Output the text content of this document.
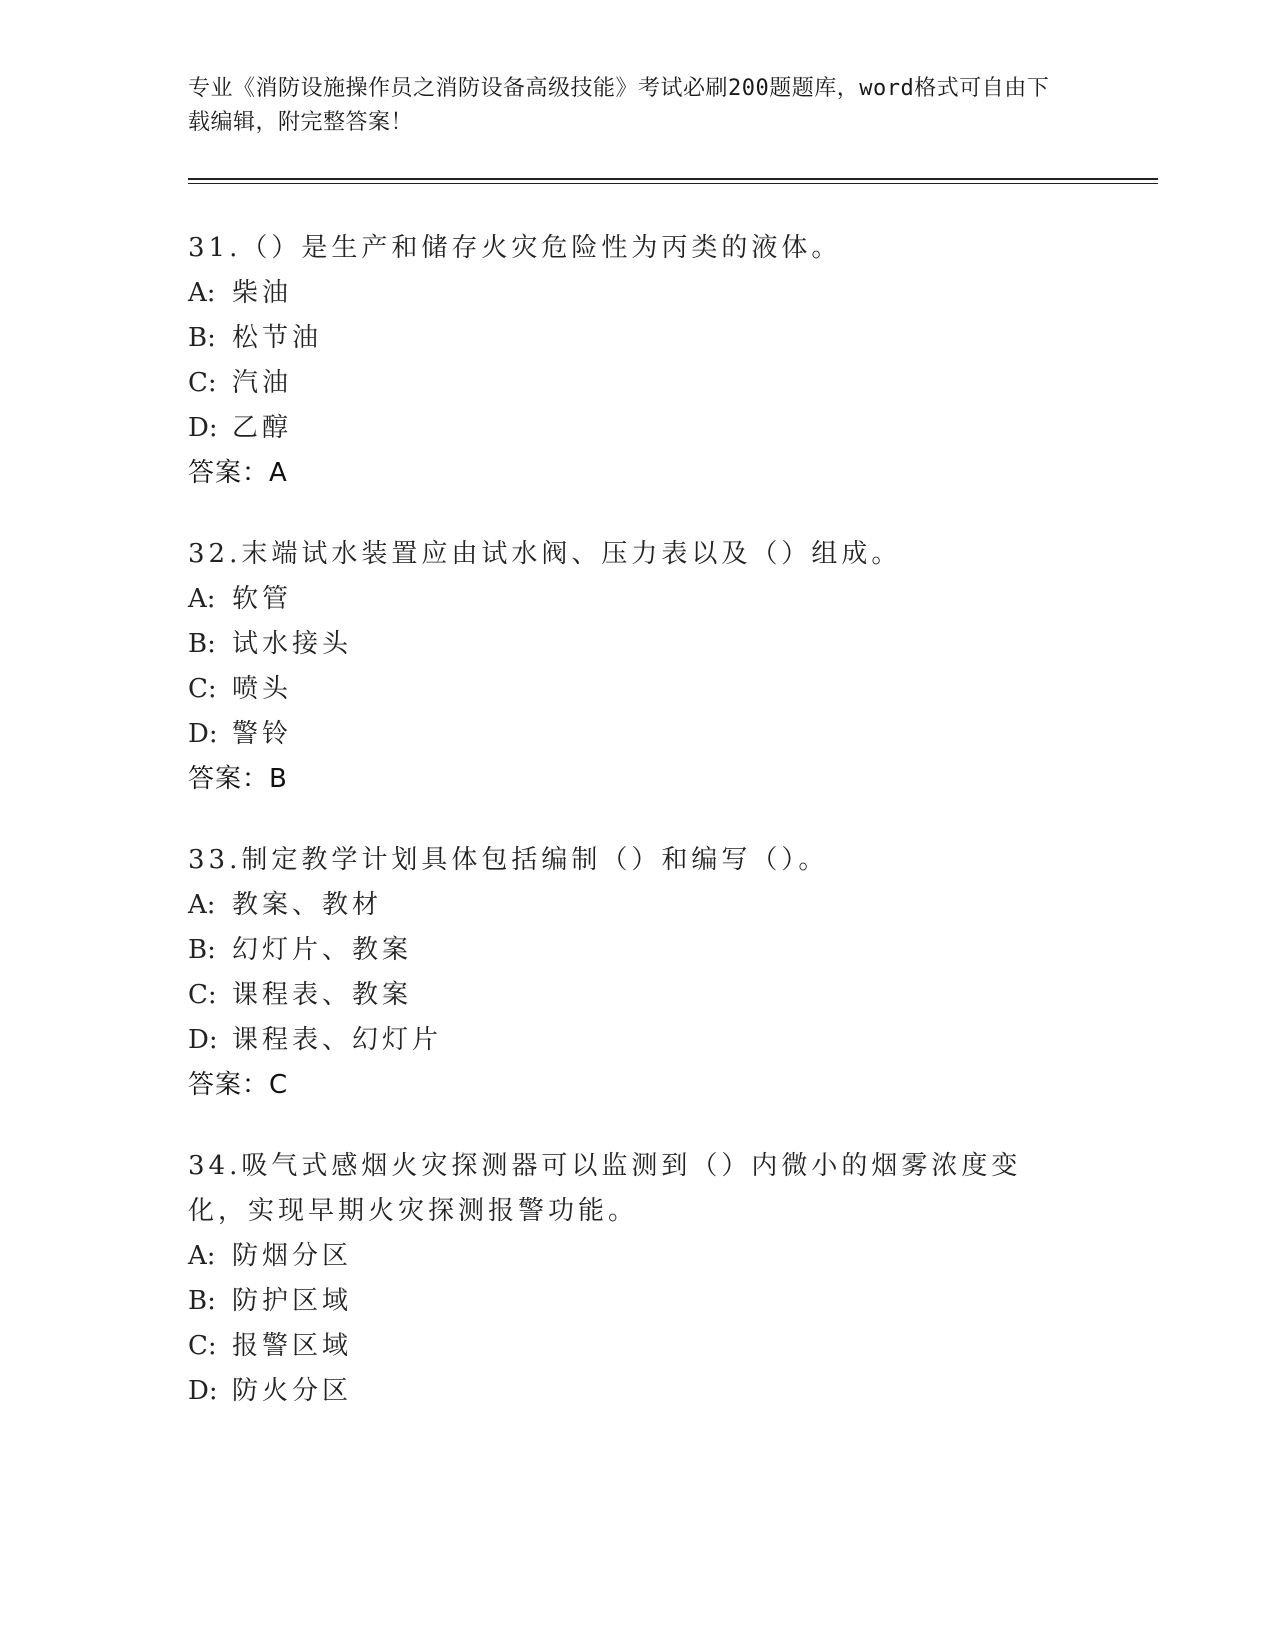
专业《消防设施操作员之消防设备高级技能》考试必刷200题题库，word格式可自由下载编辑，附完整答案！

31.（）是生产和储存火灾危险性为丙类的液体。

A: 柴油

B: 松节油

C: 汽油

D: 乙醇

答案：A

32.末端试水装置应由试水阀、压力表以及（）组成。

A: 软管

B: 试水接头

C: 喷头

D: 警铃

答案：B

33.制定教学计划具体包括编制（）和编写（）。

A: 教案、教材

B: 幻灯片、教案

C: 课程表、教案

D: 课程表、幻灯片

答案：C

34.吸气式感烟火灾探测器可以监测到（）内微小的烟雾浓度变化，实现早期火灾探测报警功能。

A: 防烟分区

B: 防护区域

C: 报警区域

D: 防火分区
